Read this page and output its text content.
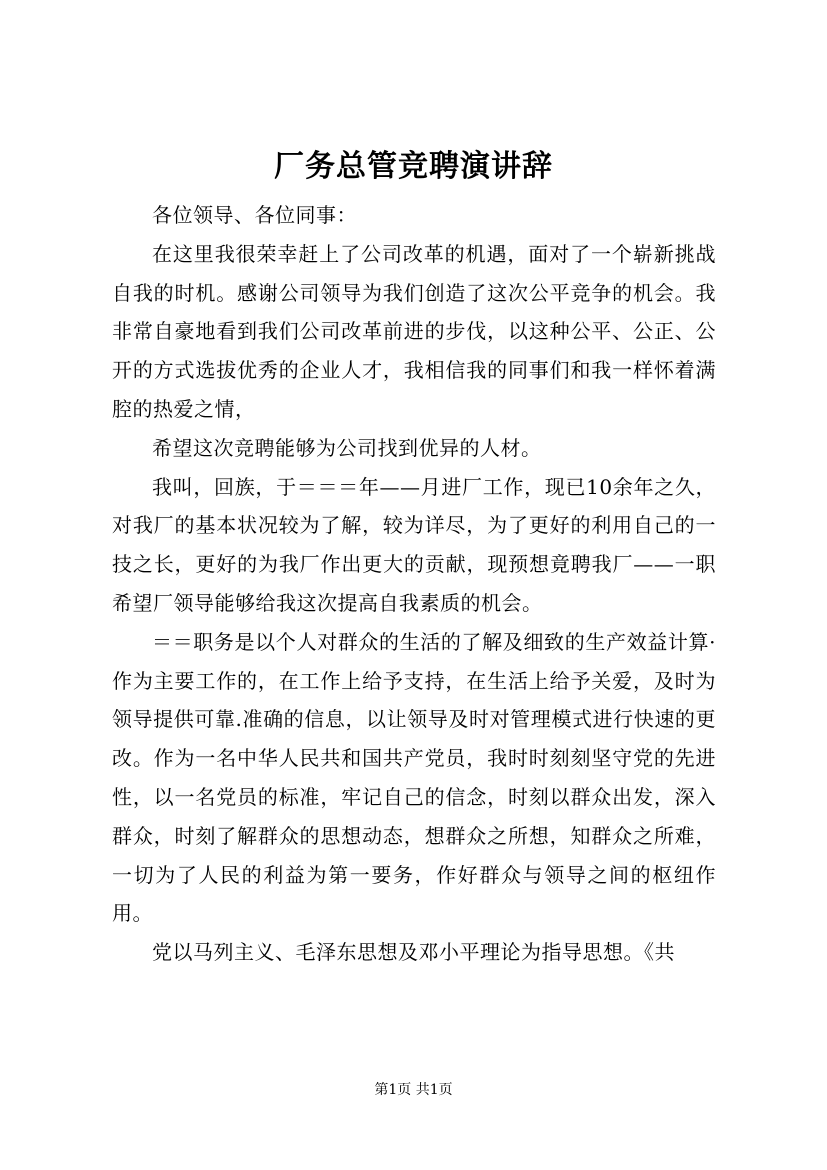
厂务总管竞聘演讲辞

各位领导、各位同事：

在这里我很荣幸赶上了公司改革的机遇，面对了一个崭新挑战自我的时机。感谢公司领导为我们创造了这次公平竞争的机会。我非常自豪地看到我们公司改革前进的步伐，以这种公平、公正、公开的方式选拔优秀的企业人才，我相信我的同事们和我一样怀着满腔的热爱之情，

希望这次竞聘能够为公司找到优异的人材。

我叫，回族，于＝＝＝年——月进厂工作，现已10余年之久，对我厂的基本状况较为了解，较为详尽，为了更好的利用自己的一技之长，更好的为我厂作出更大的贡献，现预想竟聘我厂——一职希望厂领导能够给我这次提高自我素质的机会。

＝＝职务是以个人对群众的生活的了解及细致的生产效益计算·作为主要工作的，在工作上给予支持，在生活上给予关爱，及时为领导提供可靠.准确的信息，以让领导及时对管理模式进行快速的更改。作为一名中华人民共和国共产党员，我时时刻刻坚守党的先进性，以一名党员的标准，牢记自己的信念，时刻以群众出发，深入群众，时刻了解群众的思想动态，想群众之所想，知群众之所难，一切为了人民的利益为第一要务，作好群众与领导之间的枢纽作用。

党以马列主义、毛泽东思想及邓小平理论为指导思想。《共

第1页 共1页
